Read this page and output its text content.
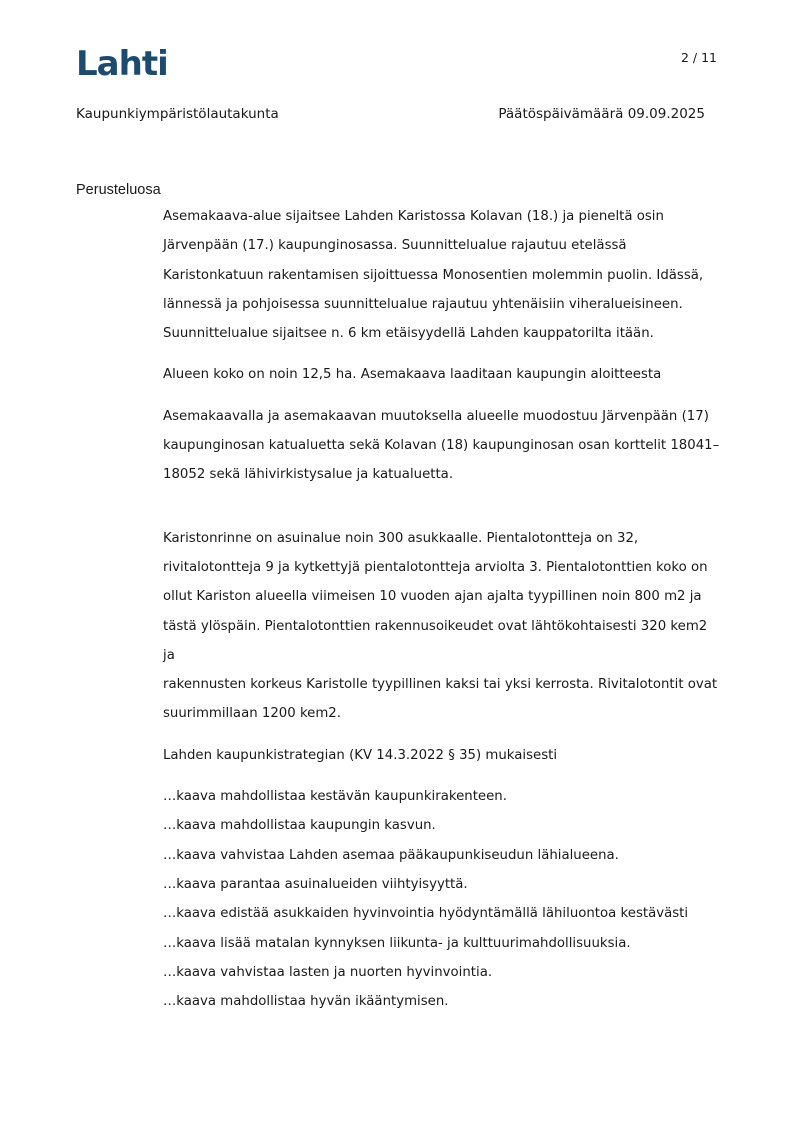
Lahti	2 / 11
Kaupunkiympäristölautakunta	Päätöspäivämäärä 09.09.2025
Perusteluosa
Asemakaava-alue sijaitsee Lahden Karistossa Kolavan (18.) ja pieneltä osin
Järvenpään (17.) kaupunginosassa. Suunnittelualue rajautuu etelässä
Karistonkatuun rakentamisen sijoittuessa Monosentien molemmin puolin. Idässä,
lännessä ja pohjoisessa suunnittelualue rajautuu yhtenäisiin viheralueisineen.
Suunnittelualue sijaitsee n. 6 km etäisyydellä Lahden kauppatorilta itään.
Alueen koko on noin 12,5 ha. Asemakaava laaditaan kaupungin aloitteesta
Asemakaavalla ja asemakaavan muutoksella alueelle muodostuu Järvenpään (17)
kaupunginosan katualuetta sekä Kolavan (18) kaupunginosan osan korttelit 18041–
18052 sekä lähivirkistysalue ja katualuetta.
Karistonrinne on asuinalue noin 300 asukkaalle. Pientalotontteja on 32,
rivitalotontteja 9 ja kytkettyjä pientalotontteja arviolta 3. Pientalotonttien koko on
ollut Kariston alueella viimeisen 10 vuoden ajan ajalta tyypillinen noin 800 m2 ja
tästä ylöspäin. Pientalotonttien rakennusoikeudet ovat lähtökohtaisesti 320 kem2 ja
rakennusten korkeus Karistolle tyypillinen kaksi tai yksi kerrosta. Rivitalotontit ovat
suurimmillaan 1200 kem2.
Lahden kaupunkistrategian (KV 14.3.2022 § 35) mukaisesti
…kaava mahdollistaa kestävän kaupunkirakenteen.
…kaava mahdollistaa kaupungin kasvun.
…kaava vahvistaa Lahden asemaa pääkaupunkiseudun lähialueena.
…kaava parantaa asuinalueiden viihtyisyyttä.
…kaava edistää asukkaiden hyvinvointia hyödyntämällä lähiluontoa kestävästi
…kaava lisää matalan kynnyksen liikunta- ja kulttuurimahdollisuuksia.
…kaava vahvistaa lasten ja nuorten hyvinvointia.
…kaava mahdollistaa hyvän ikääntymisen.
